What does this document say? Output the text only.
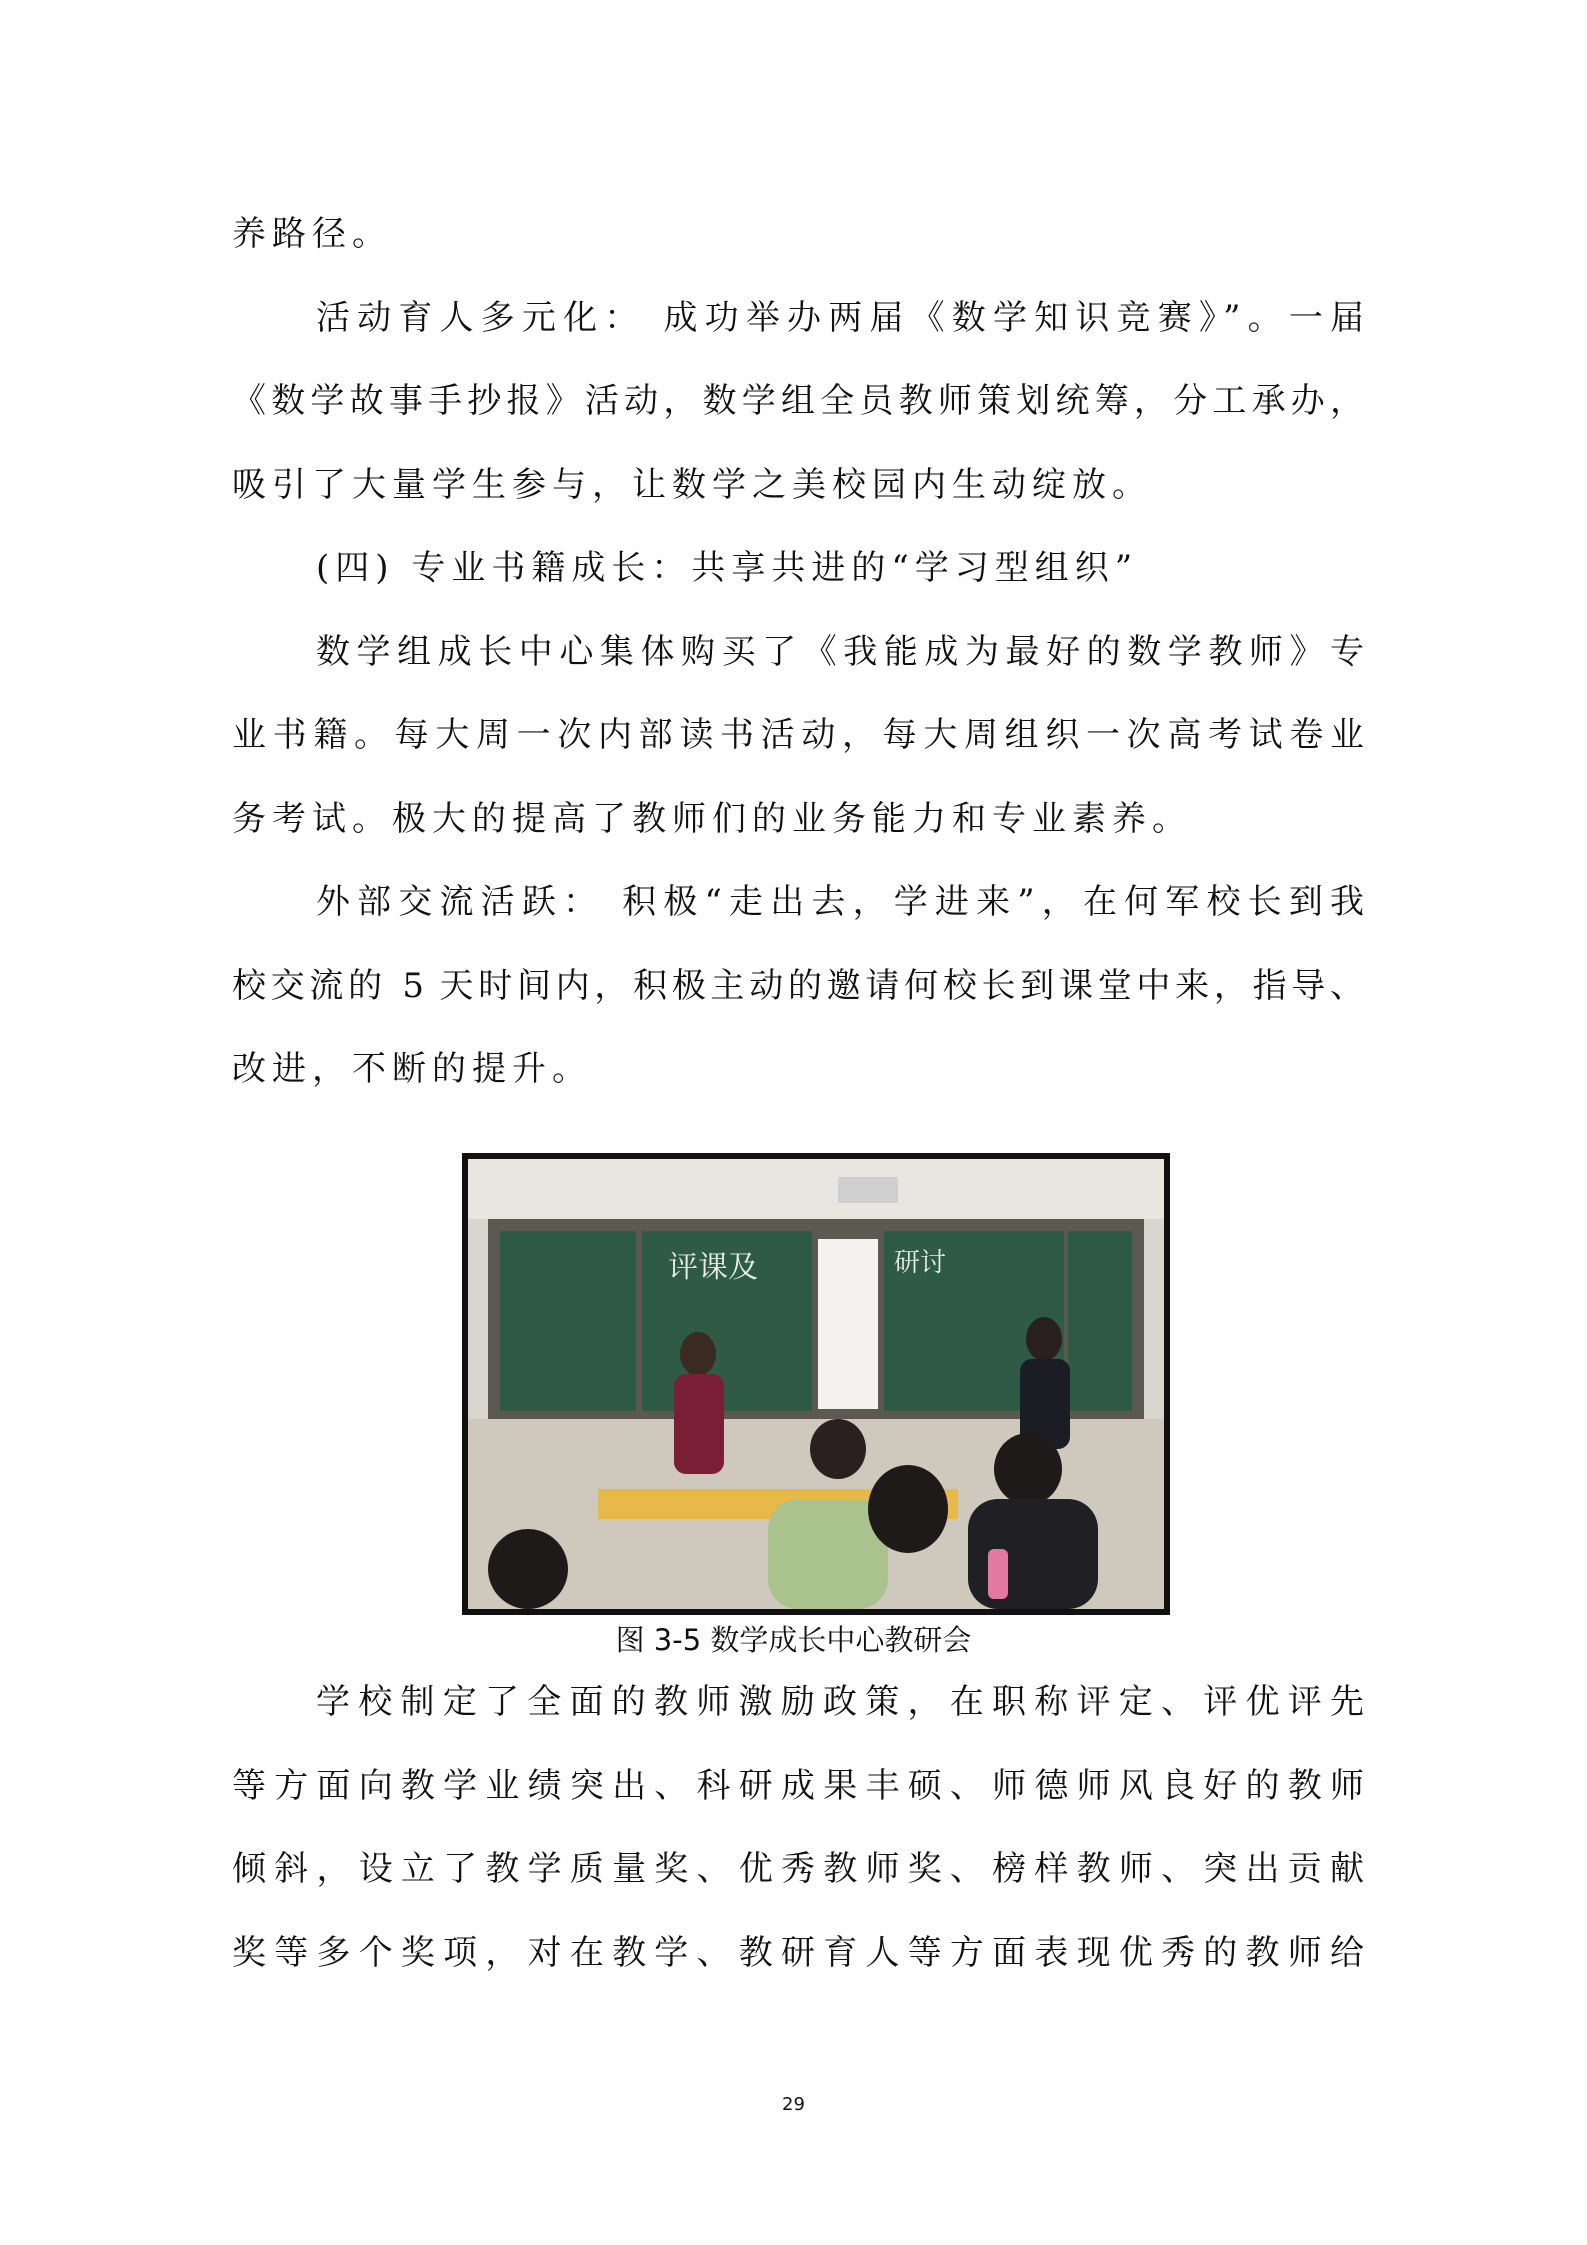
养路径。
活动育人多元化： 成功举办两届《数学知识竞赛》”。一届
《数学故事手抄报》活动，数学组全员教师策划统筹，分工承办，
吸引了大量学生参与，让数学之美校园内生动绽放。
(四) 专业书籍成长：共享共进的“学习型组织”
数学组成长中心集体购买了《我能成为最好的数学教师》专
业书籍。每大周一次内部读书活动，每大周组织一次高考试卷业
务考试。极大的提高了教师们的业务能力和专业素养。
外部交流活跃： 积极“走出去，学进来”，在何军校长到我
校交流的 5 天时间内，积极主动的邀请何校长到课堂中来，指导、
改进，不断的提升。
评课及	研讨
图 3-5 数学成长中心教研会
学校制定了全面的教师激励政策，在职称评定、评优评先
等方面向教学业绩突出、科研成果丰硕、师德师风良好的教师
倾斜，设立了教学质量奖、优秀教师奖、榜样教师、突出贡献
奖等多个奖项，对在教学、教研育人等方面表现优秀的教师给
29
